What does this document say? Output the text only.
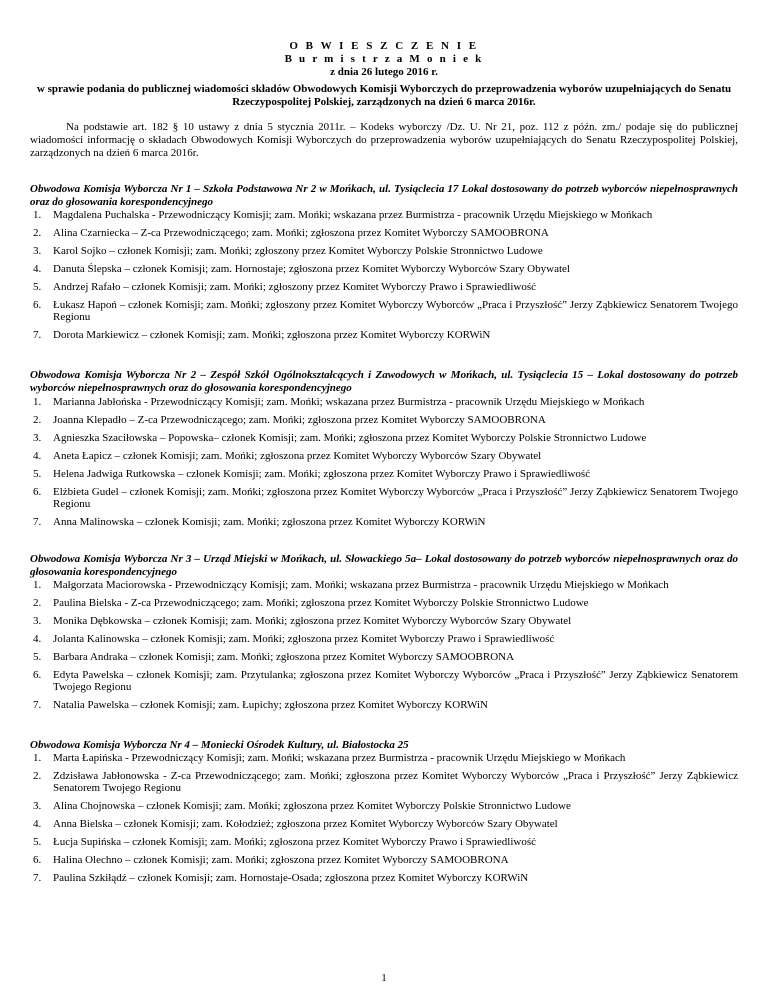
O B W I E S Z C Z E N I E
B u r m i s t r z a M o n i e k
z dnia 26 lutego 2016 r.
w sprawie podania do publicznej wiadomości składów Obwodowych Komisji Wyborczych do przeprowadzenia wyborów uzupełniających do Senatu Rzeczypospolitej Polskiej, zarządzonych na dzień 6 marca 2016r.
Na podstawie art. 182 § 10 ustawy z dnia 5 stycznia 2011r. – Kodeks wyborczy /Dz. U. Nr 21, poz. 112 z późn. zm./ podaje się do publicznej wiadomości informację o składach Obwodowych Komisji Wyborczych do przeprowadzenia wyborów uzupełniających do Senatu Rzeczypospolitej Polskiej, zarządzonych na dzień 6 marca 2016r.

Obwodowa Komisja Wyborcza Nr 1 – Szkoła Podstawowa Nr 2 w Mońkach, ul. Tysiąclecia 17 Lokal dostosowany do potrzeb wyborców niepełnosprawnych oraz do głosowania korespondencyjnego

1. Magdalena Puchalska - Przewodniczący Komisji; zam. Mońki; wskazana przez Burmistrza - pracownik Urzędu Miejskiego w Mońkach
2. Alina Czarniecka – Z-ca Przewodniczącego; zam. Mońki; zgłoszona przez Komitet Wyborczy SAMOOBRONA
3. Karol Sojko – członek Komisji; zam. Mońki; zgłoszony przez Komitet Wyborczy Polskie Stronnictwo Ludowe
4. Danuta Ślepska – członek Komisji; zam. Hornostaje; zgłoszona przez Komitet Wyborczy Wyborców Szary Obywatel
5. Andrzej Rafało – członek Komisji; zam. Mońki; zgłoszony przez Komitet Wyborczy Prawo i Sprawiedliwość
6. Łukasz Hapoń – członek Komisji; zam. Mońki; zgłoszony przez Komitet Wyborczy Wyborców „Praca i Przyszłość” Jerzy Ząbkiewicz Senatorem Twojego Regionu
7. Dorota Markiewicz – członek Komisji; zam. Mońki; zgłoszona przez Komitet Wyborczy KORWiN

Obwodowa Komisja Wyborcza Nr 2 – Zespół Szkół Ogólnokształcących i Zawodowych w Mońkach, ul. Tysiąclecia 15 – Lokal dostosowany do potrzeb wyborców niepełnosprawnych oraz do głosowania korespondencyjnego

1. Marianna Jabłońska - Przewodniczący Komisji; zam. Mońki; wskazana przez Burmistrza - pracownik Urzędu Miejskiego w Mońkach
2. Joanna Klepadło – Z-ca Przewodniczącego; zam. Mońki; zgłoszona przez Komitet Wyborczy SAMOOBRONA
3. Agnieszka Szaciłowska – Popowska– członek Komisji; zam. Mońki; zgłoszona przez Komitet Wyborczy Polskie Stronnictwo Ludowe
4. Aneta Łapicz – członek Komisji; zam. Mońki; zgłoszona przez Komitet Wyborczy Wyborców Szary Obywatel
5. Helena Jadwiga Rutkowska – członek Komisji; zam. Mońki; zgłoszona przez Komitet Wyborczy Prawo i Sprawiedliwość
6. Elżbieta Gudel – członek Komisji; zam. Mońki; zgłoszona przez Komitet Wyborczy Wyborców „Praca i Przyszłość” Jerzy Ząbkiewicz Senatorem Twojego Regionu
7. Anna Malinowska – członek Komisji; zam. Mońki; zgłoszona przez Komitet Wyborczy KORWiN

Obwodowa Komisja Wyborcza Nr 3 – Urząd Miejski w Mońkach, ul. Słowackiego 5a– Lokal dostosowany do potrzeb wyborców niepełnosprawnych oraz do głosowania korespondencyjnego

1. Małgorzata Maciorowska - Przewodniczący Komisji; zam. Mońki; wskazana przez Burmistrza - pracownik Urzędu Miejskiego w Mońkach
2. Paulina Bielska - Z-ca Przewodniczącego; zam. Mońki; zgłoszona przez Komitet Wyborczy Polskie Stronnictwo Ludowe
3. Monika Dębkowska – członek Komisji; zam. Mońki; zgłoszona przez Komitet Wyborczy Wyborców Szary Obywatel
4. Jolanta Kalinowska – członek Komisji; zam. Mońki; zgłoszona przez Komitet Wyborczy Prawo i Sprawiedliwość
5. Barbara Andraka – członek Komisji; zam. Mońki; zgłoszona przez Komitet Wyborczy SAMOOBRONA
6. Edyta Pawelska – członek Komisji; zam. Przytulanka; zgłoszona przez Komitet Wyborczy Wyborców „Praca i Przyszłość” Jerzy Ząbkiewicz Senatorem Twojego Regionu
7. Natalia Pawelska – członek Komisji; zam. Łupichy; zgłoszona przez Komitet Wyborczy KORWiN

Obwodowa Komisja Wyborcza Nr 4 – Moniecki Ośrodek Kultury, ul. Białostocka 25

1. Marta Łapińska - Przewodniczący Komisji; zam. Mońki; wskazana przez Burmistrza - pracownik Urzędu Miejskiego w Mońkach
2. Zdzisława Jabłonowska - Z-ca Przewodniczącego; zam. Mońki; zgłoszona przez Komitet Wyborczy Wyborców „Praca i Przyszłość” Jerzy Ząbkiewicz Senatorem Twojego Regionu
3. Alina Chojnowska – członek Komisji; zam. Mońki; zgłoszona przez Komitet Wyborczy Polskie Stronnictwo Ludowe
4. Anna Bielska – członek Komisji; zam. Kołodzież; zgłoszona przez Komitet Wyborczy Wyborców Szary Obywatel
5. Łucja Supińska – członek Komisji; zam. Mońki; zgłoszona przez Komitet Wyborczy Prawo i Sprawiedliwość
6. Halina Olechno – członek Komisji; zam. Mońki; zgłoszona przez Komitet Wyborczy SAMOOBRONA
7. Paulina Szkiłądź – członek Komisji; zam. Hornostaje-Osada; zgłoszona przez Komitet Wyborczy KORWiN
1
